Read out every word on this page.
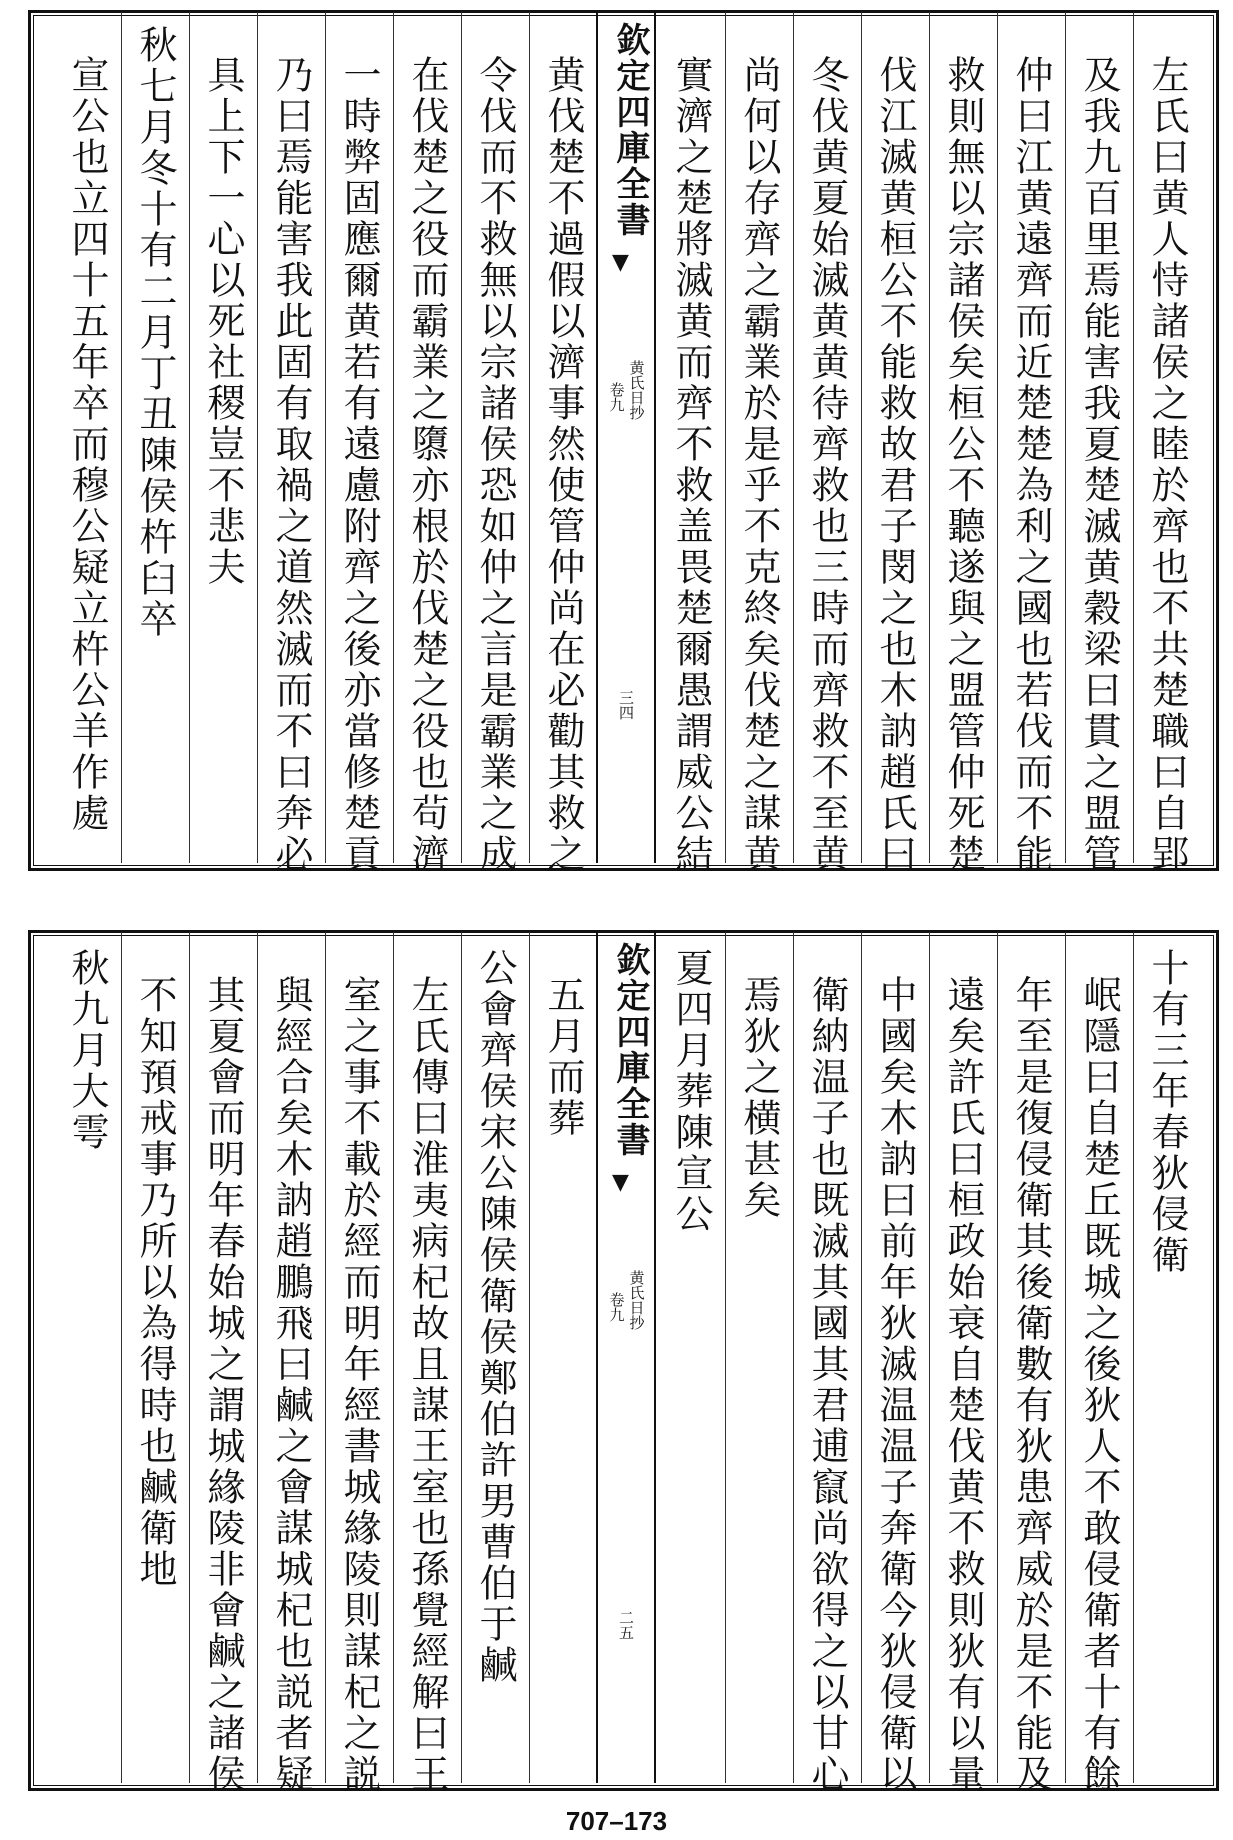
左氏曰黄人恃諸侯之睦於齊也不共楚職曰自郢
及我九百里焉能害我夏楚滅黄穀梁曰貫之盟管
仲曰江黄遠齊而近楚楚為利之國也若伐而不能
救則無以宗諸侯矣桓公不聽遂與之盟管仲死楚
伐江滅黄桓公不能救故君子閔之也木訥趙氏曰
冬伐黄夏始滅黄黄待齊救也三時而齊救不至黄
尚何以存齊之霸業於是乎不克終矣伐楚之謀黄
實濟之楚將滅黄而齊不救盖畏楚爾愚謂威公結
欽定四庫全書
▼
黄氏日抄
卷九
三四
黄伐楚不過假以濟事然使管仲尚在必勸其救之
令伐而不救無以宗諸侯恐如仲之言是霸業之成
在伐楚之役而霸業之隳亦根於伐楚之役也茍濟
一時弊固應爾黄若有遠慮附齊之後亦當修楚貢
乃曰焉能害我此固有取禍之道然滅而不曰奔必
具上下一心以死社稷豈不悲夫
秋七月冬十有二月丁丑陳侯杵臼卒
宣公也立四十五年卒而穆公疑立杵公羊作處
十有三年春狄侵衛
岷隱曰自楚丘既城之後狄人不敢侵衛者十有餘
年至是復侵衛其後衛數有狄患齊威於是不能及
遠矣許氏曰桓政始衰自楚伐黄不救則狄有以量
中國矣木訥曰前年狄滅温温子奔衛今狄侵衛以
衛納温子也既滅其國其君逋竄尚欲得之以甘心
焉狄之横甚矣
夏四月葬陳宣公
欽定四庫全書
▼
黄氏日抄
卷九
二五
五月而葬
公會齊侯宋公陳侯衛侯鄭伯許男曹伯于鹹
左氏傳曰淮夷病杞故且謀王室也孫覺經解曰王
室之事不載於經而明年經書城緣陵則謀杞之説
與經合矣木訥趙鵬飛曰鹹之會謀城杞也説者疑
其夏會而明年春始城之謂城緣陵非會鹹之諸侯
不知預戒事乃所以為得時也鹹衛地
秋九月大雩
707–173
